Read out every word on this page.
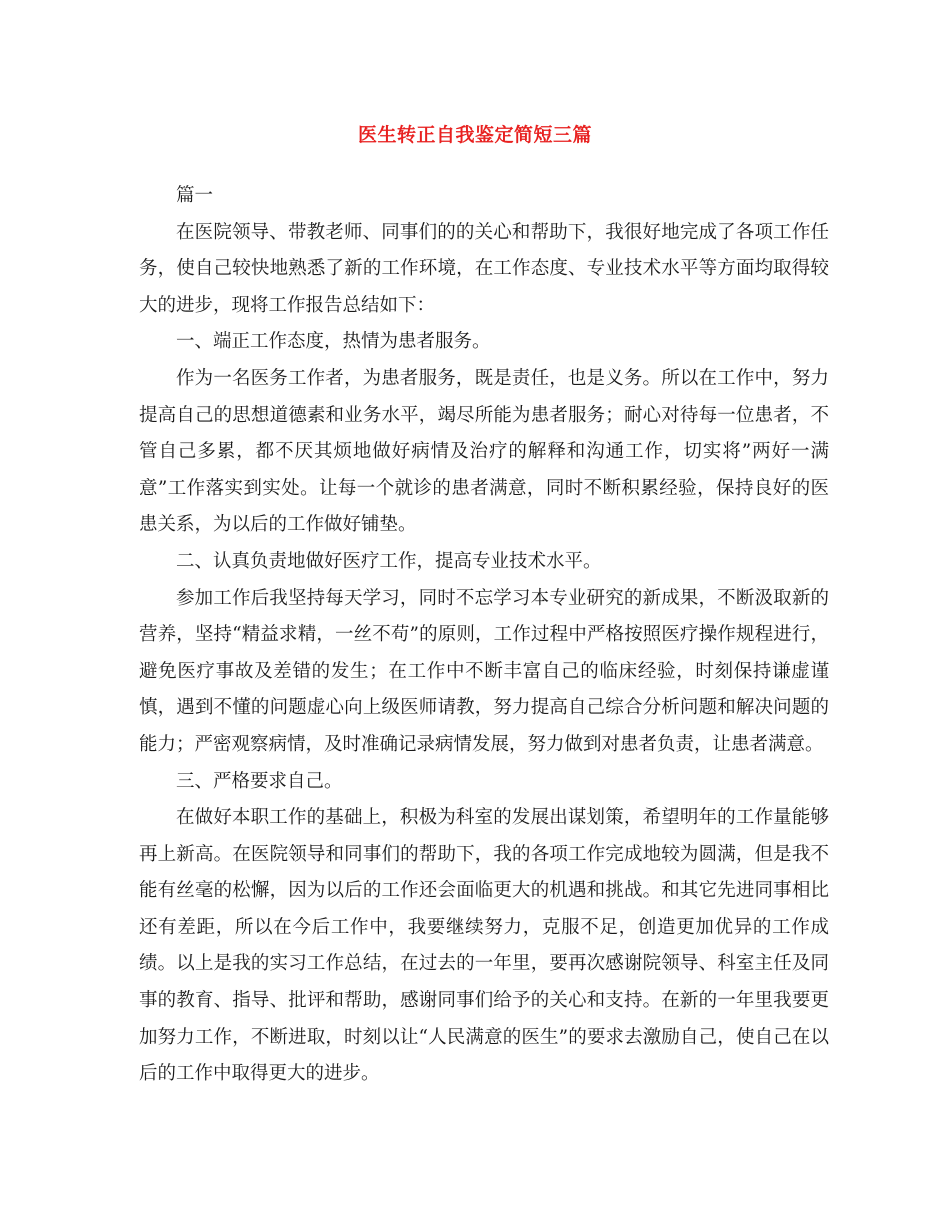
医生转正自我鉴定简短三篇

篇一

在医院领导、带教老师、同事们的的关心和帮助下，我很好地完成了各项工作任务，使自己较快地熟悉了新的工作环境，在工作态度、专业技术水平等方面均取得较大的进步，现将工作报告总结如下：

一、端正工作态度，热情为患者服务。

作为一名医务工作者，为患者服务，既是责任，也是义务。所以在工作中，努力提高自己的思想道德素和业务水平，竭尽所能为患者服务；耐心对待每一位患者，不管自己多累，都不厌其烦地做好病情及治疗的解释和沟通工作，切实将”两好一满意”工作落实到实处。让每一个就诊的患者满意，同时不断积累经验，保持良好的医患关系，为以后的工作做好铺垫。

二、认真负责地做好医疗工作，提高专业技术水平。

参加工作后我坚持每天学习，同时不忘学习本专业研究的新成果，不断汲取新的营养，坚持“精益求精，一丝不苟”的原则，工作过程中严格按照医疗操作规程进行，避免医疗事故及差错的发生；在工作中不断丰富自己的临床经验，时刻保持谦虚谨慎，遇到不懂的问题虚心向上级医师请教，努力提高自己综合分析问题和解决问题的能力；严密观察病情，及时准确记录病情发展，努力做到对患者负责，让患者满意。

三、严格要求自己。

在做好本职工作的基础上，积极为科室的发展出谋划策，希望明年的工作量能够再上新高。在医院领导和同事们的帮助下，我的各项工作完成地较为圆满，但是我不能有丝毫的松懈，因为以后的工作还会面临更大的机遇和挑战。和其它先进同事相比还有差距，所以在今后工作中，我要继续努力，克服不足，创造更加优异的工作成绩。以上是我的实习工作总结，在过去的一年里，要再次感谢院领导、科室主任及同事的教育、指导、批评和帮助，感谢同事们给予的关心和支持。在新的一年里我要更加努力工作，不断进取，时刻以让“人民满意的医生”的要求去激励自己，使自己在以后的工作中取得更大的进步。
